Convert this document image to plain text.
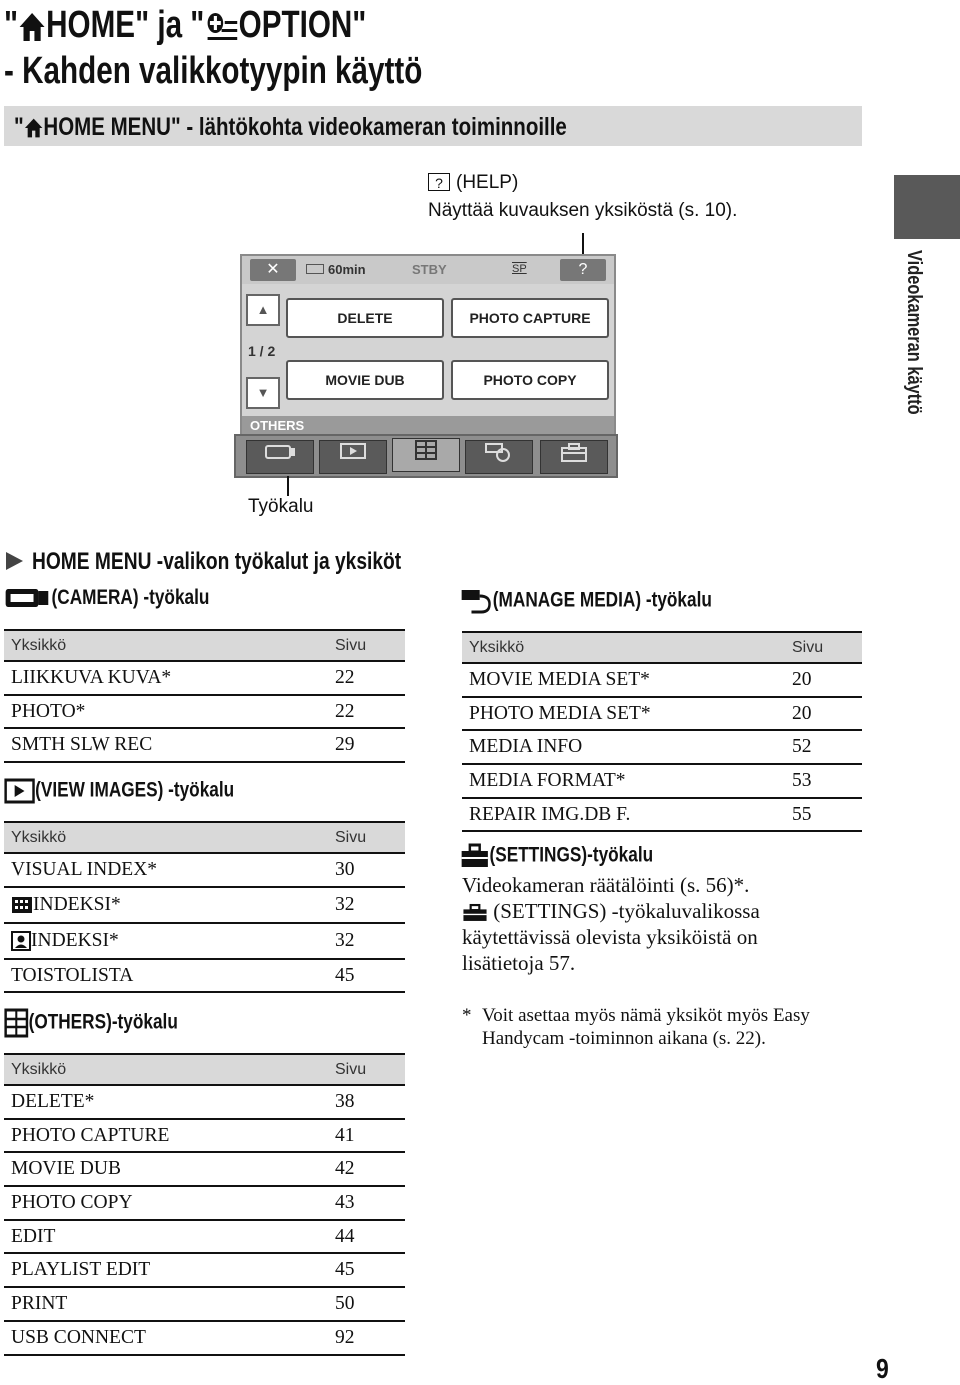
" HOME" ja " OPTION"
- Kahden valikkotyypin käyttö
" HOME MENU" - lähtökohta videokameran toiminnoille
? (HELP)
Näyttää kuvauksen yksiköstä (s. 10).
✕	60min	STBY	SP	?
▲
1 / 2
▼
DELETE	PHOTO CAPTURE
MOVIE DUB	PHOTO COPY
OTHERS
Työkalu
Videokameran käyttö
HOME MENU -valikon työkalut ja yksiköt
(CAMERA) -työkalu
Yksikkö	Sivu
LIIKKUVA KUVA*	22
PHOTO*	22
SMTH SLW REC	29
(VIEW IMAGES) -työkalu
Yksikkö	Sivu
VISUAL INDEX*	30
INDEKSI*	32
INDEKSI*	32
TOISTOLISTA	45
(OTHERS)-työkalu
Yksikkö	Sivu
DELETE*	38
PHOTO CAPTURE	41
MOVIE DUB	42
PHOTO COPY	43
EDIT	44
PLAYLIST EDIT	45
PRINT	50
USB CONNECT	92
(MANAGE MEDIA) -työkalu
Yksikkö	Sivu
MOVIE MEDIA SET*	20
PHOTO MEDIA SET*	20
MEDIA INFO	52
MEDIA FORMAT*	53
REPAIR IMG.DB F.	55
(SETTINGS)-työkalu
Videokameran räätälöinti (s. 56)*.
(SETTINGS) -työkaluvalikossa
käytettävissä olevista yksiköistä on
lisätietoja 57.
* Voit asettaa myös nämä yksiköt myös Easy
Handycam -toiminnon aikana (s. 22).
9
